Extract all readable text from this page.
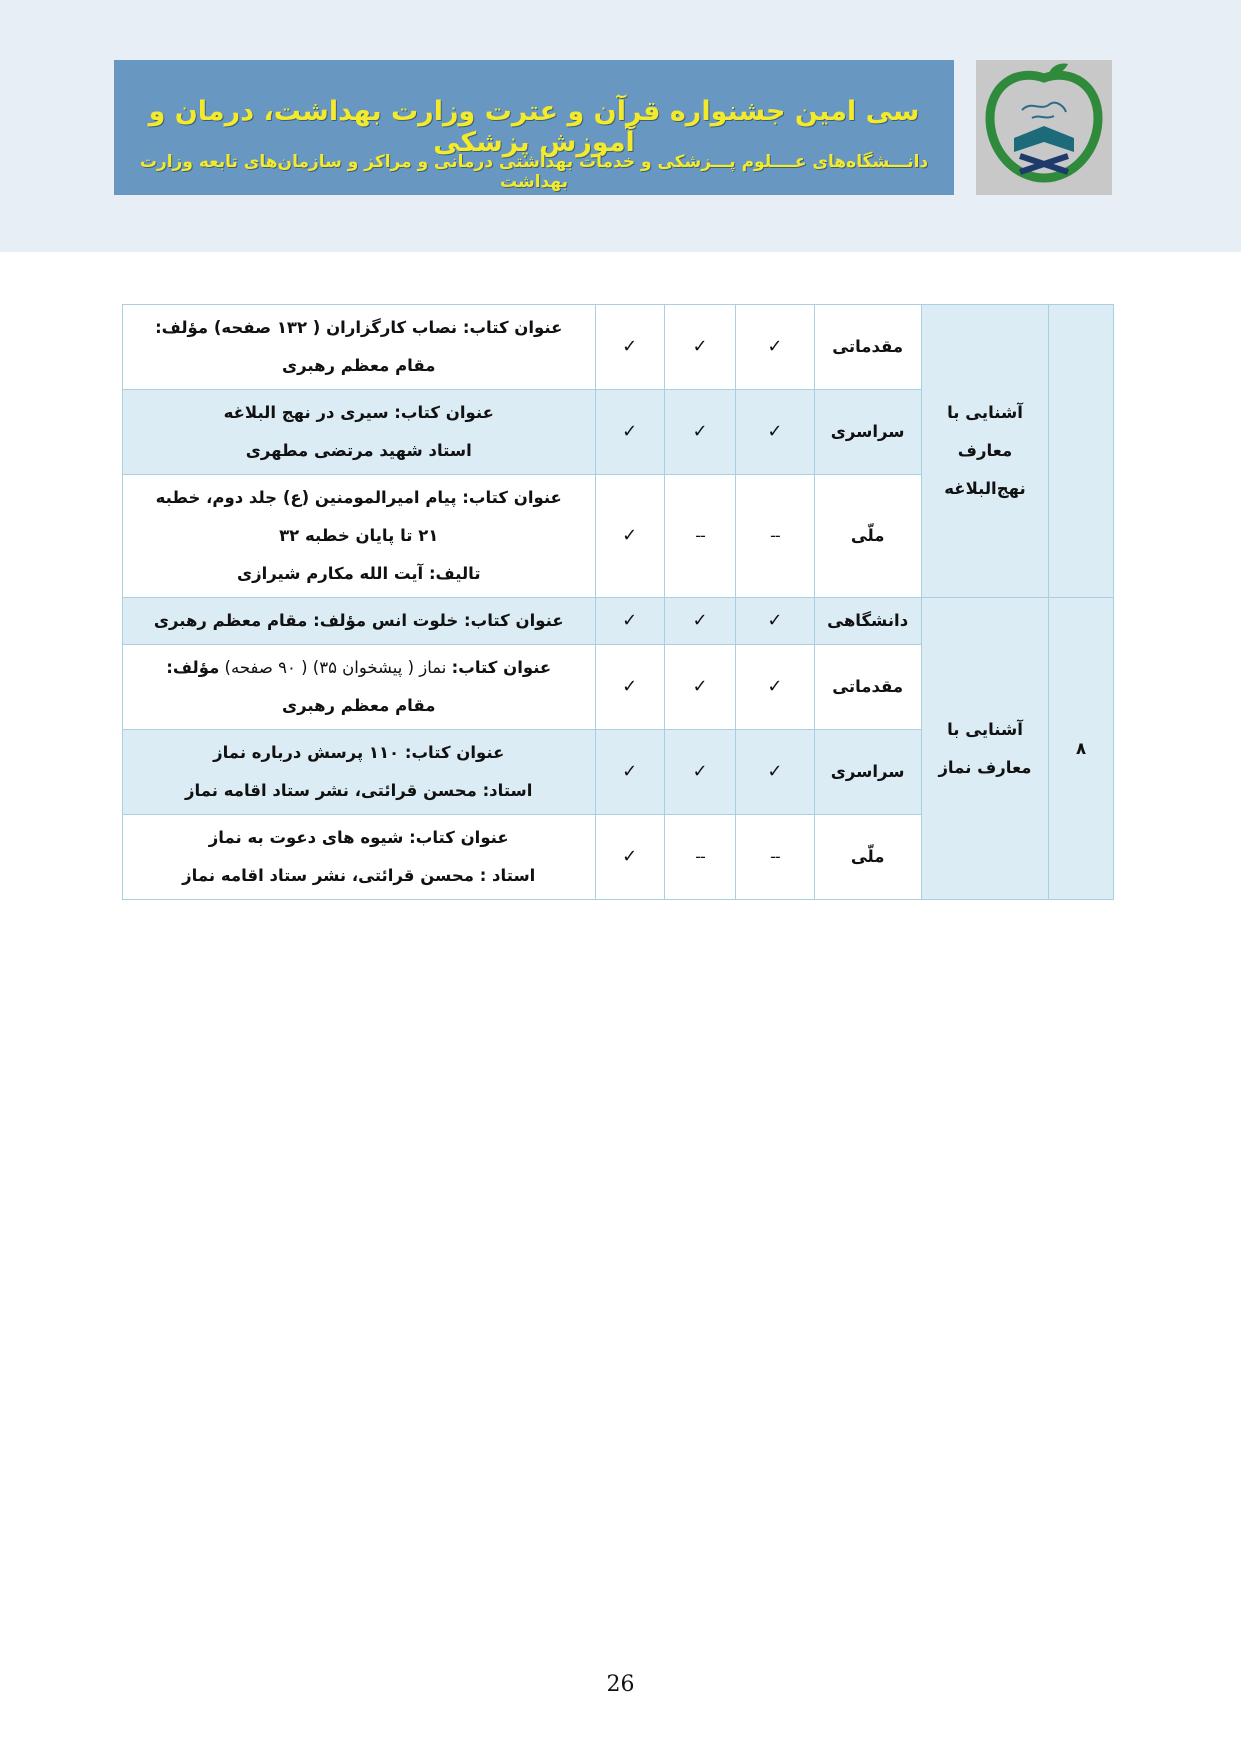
سی امین جشنواره قرآن و عترت وزارت بهداشت، درمان و آموزش پزشکی
دانـــشگاه‌های عــــلوم پـــزشکی و خدمات بهداشتی درمانی و مراکز و سازمان‌های تابعه وزارت بهداشت

	آشنایی با
معارف
نهج‌البلاغه	مقدماتی	✓	✓	✓	عنوان کتاب: نصاب کارگزاران ( ۱۳۲ صفحه) مؤلف:
مقام معظم رهبری

		سراسری	✓	✓	✓	عنوان کتاب: سیری در نهج البلاغه
استاد شهید مرتضی مطهری

		ملّی	--	--	✓	عنوان کتاب: پیام امیرالمومنین (ع) جلد دوم، خطبه
۲۱ تا پایان خطبه ۳۲
تالیف: آیت الله مکارم شیرازی

۸	آشنایی با
معارف نماز	دانشگاهی	✓	✓	✓	عنوان کتاب: خلوت انس مؤلف: مقام معظم رهبری

		مقدماتی	✓	✓	✓	عنوان کتاب: نماز ( پیشخوان ۳۵) ( ۹۰ صفحه) مؤلف:
مقام معظم رهبری

		سراسری	✓	✓	✓	عنوان کتاب: ۱۱۰ پرسش درباره نماز
استاد: محسن قرائتی، نشر ستاد اقامه نماز

		ملّی	--	--	✓	عنوان کتاب: شیوه های دعوت به نماز
استاد : محسن قرائتی، نشر ستاد اقامه نماز
26
